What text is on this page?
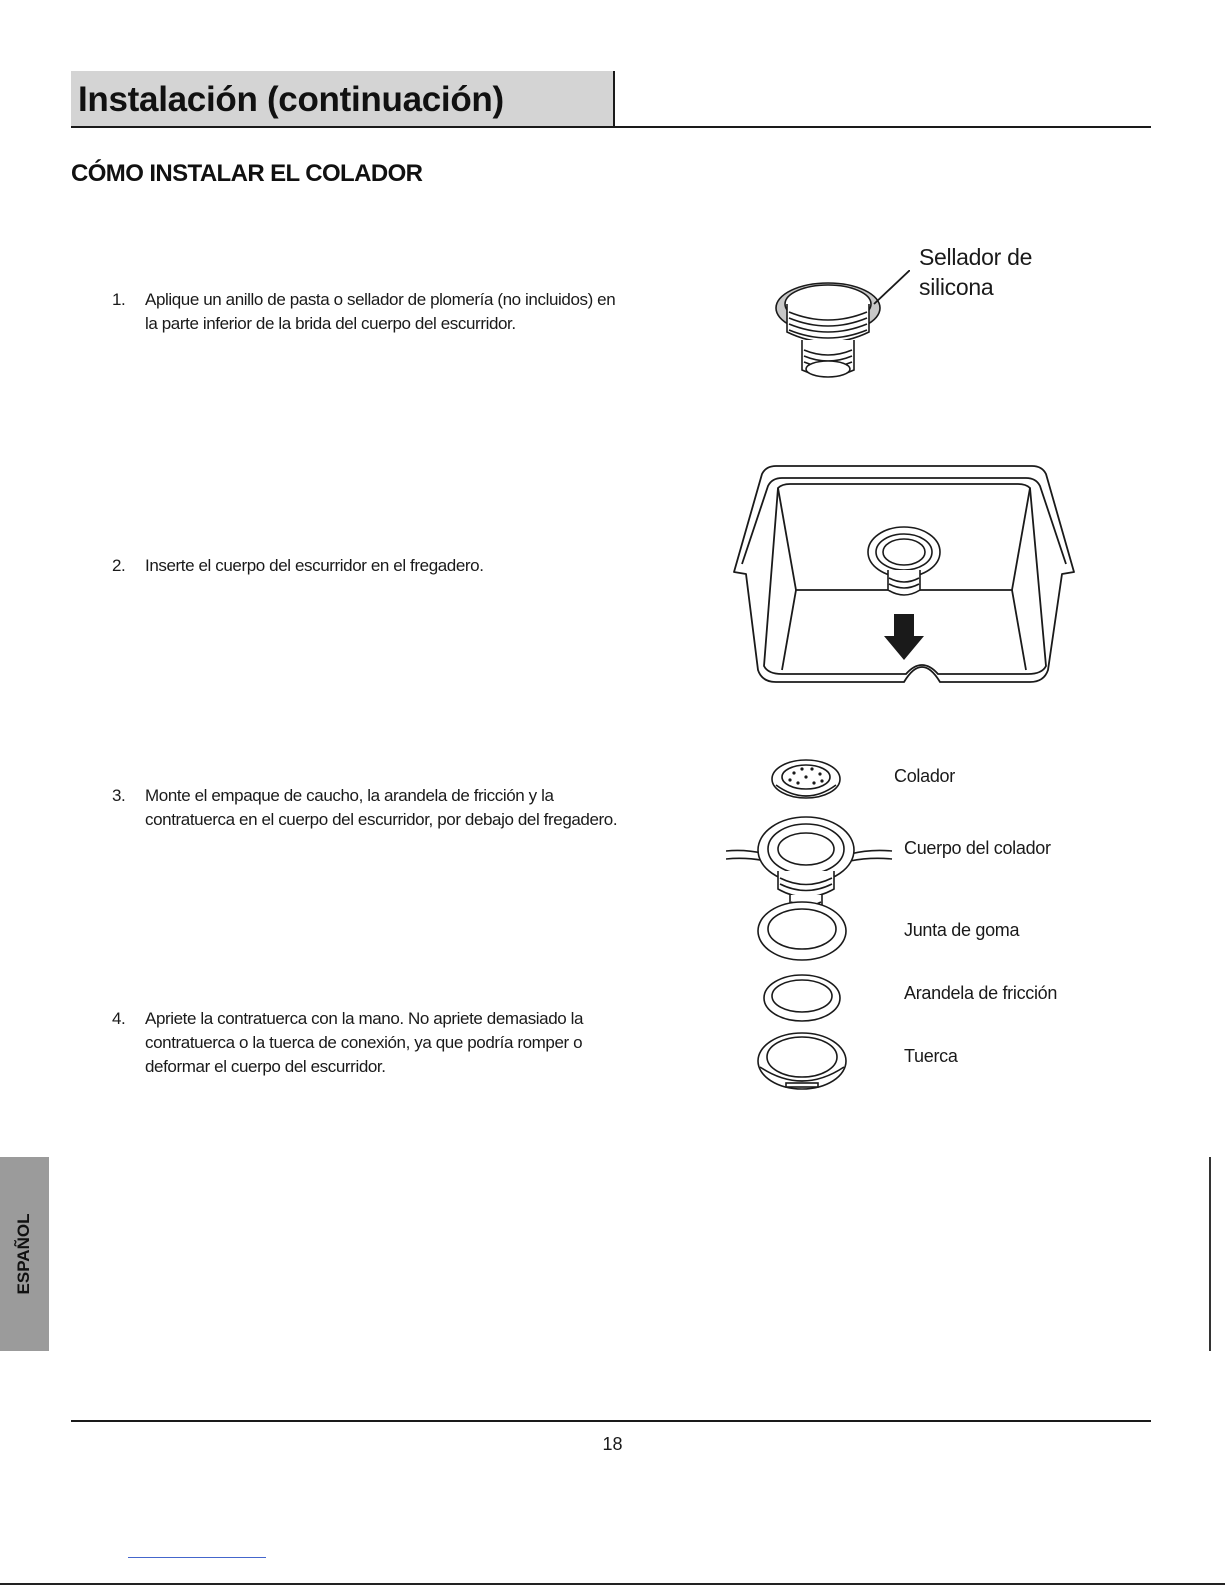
Instalación (continuación)
CÓMO INSTALAR EL COLADOR
1. Aplique un anillo de pasta o sellador de plomería (no incluidos) en la parte inferior de la brida del cuerpo del escurridor.
2. Inserte el cuerpo del escurridor en el fregadero.
3. Monte el empaque de caucho, la arandela de fricción y la contratuerca en el cuerpo del escurridor, por debajo del fregadero.
4. Apriete la contratuerca con la mano. No apriete demasiado la contratuerca o la tuerca de conexión, ya que podría romper o deformar el cuerpo del escurridor.
Sellador de
silicona
Colador
Cuerpo del colador
Junta de goma
Arandela de fricción
Tuerca
ESPAÑOL
18
